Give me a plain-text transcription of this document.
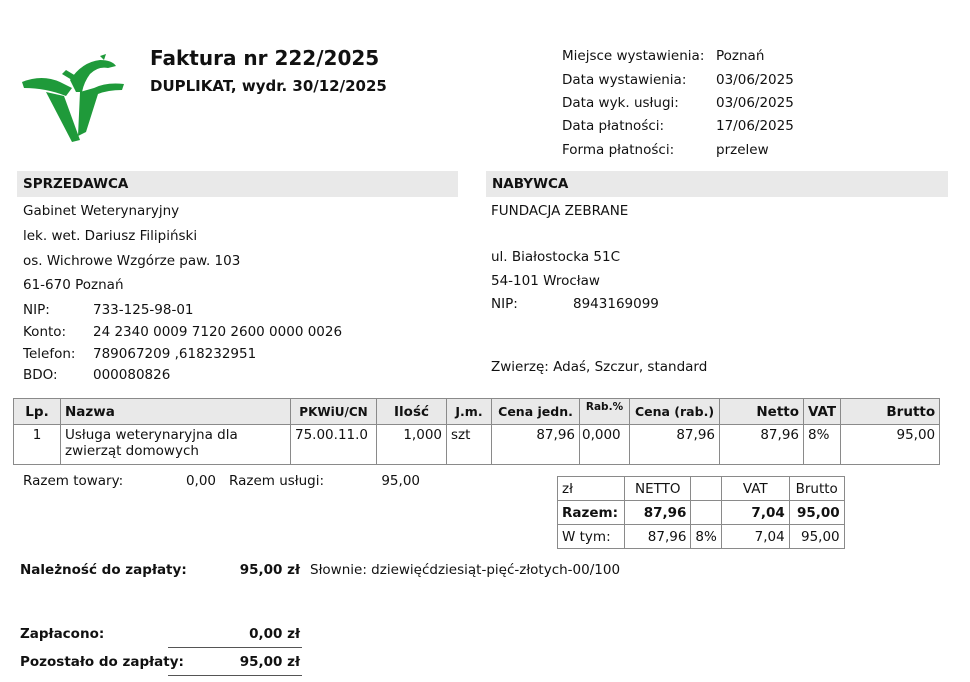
Faktura nr 222/2025
DUPLIKAT, wydr. 30/12/2025
Miejsce wystawienia: Poznań
Data wystawienia: 03/06/2025
Data wyk. usługi:	03/06/2025
Data płatności:	17/06/2025
Forma płatności:	przelew
SPRZEDAWCA	NABYWCA
Gabinet Weterynaryjny
lek. wet. Dariusz Filipiński
os. Wichrowe Wzgórze paw. 103
61-670 Poznań
NIP:	733-125-98-01
Konto: 24 2340 0009 7120 2600 0000 0026
Telefon: 789067209 ,618232951
BDO:	000080826
FUNDACJA ZEBRANE
ul. Białostocka 51C
54-101 Wrocław
NIP:	8943169099
Zwierzę: Adaś, Szczur, standard
Lp.	Nazwa	PKWiU/CN	Ilość	J.m.	Cena jedn.	Rab.%	Cena (rab.)	Netto	VAT	Brutto
1	Usługa weterynaryjna dla
zwierząt domowych	75.00.11.0	1,000	szt	87,96	0,000	87,96	87,96	8%	95,00
Razem towary:	0,00 Razem usługi:	95,00	zł	NETTO		VAT	Brutto
Razem:	87,96		7,04	95,00
W tym:	87,96	8%	7,04	95,00
Należność do zapłaty:	95,00 zł Słownie: dziewięćdziesiąt-pięć-złotych-00/100
Zapłacono:	0,00 zł
Pozostało do zapłaty:	95,00 zł
